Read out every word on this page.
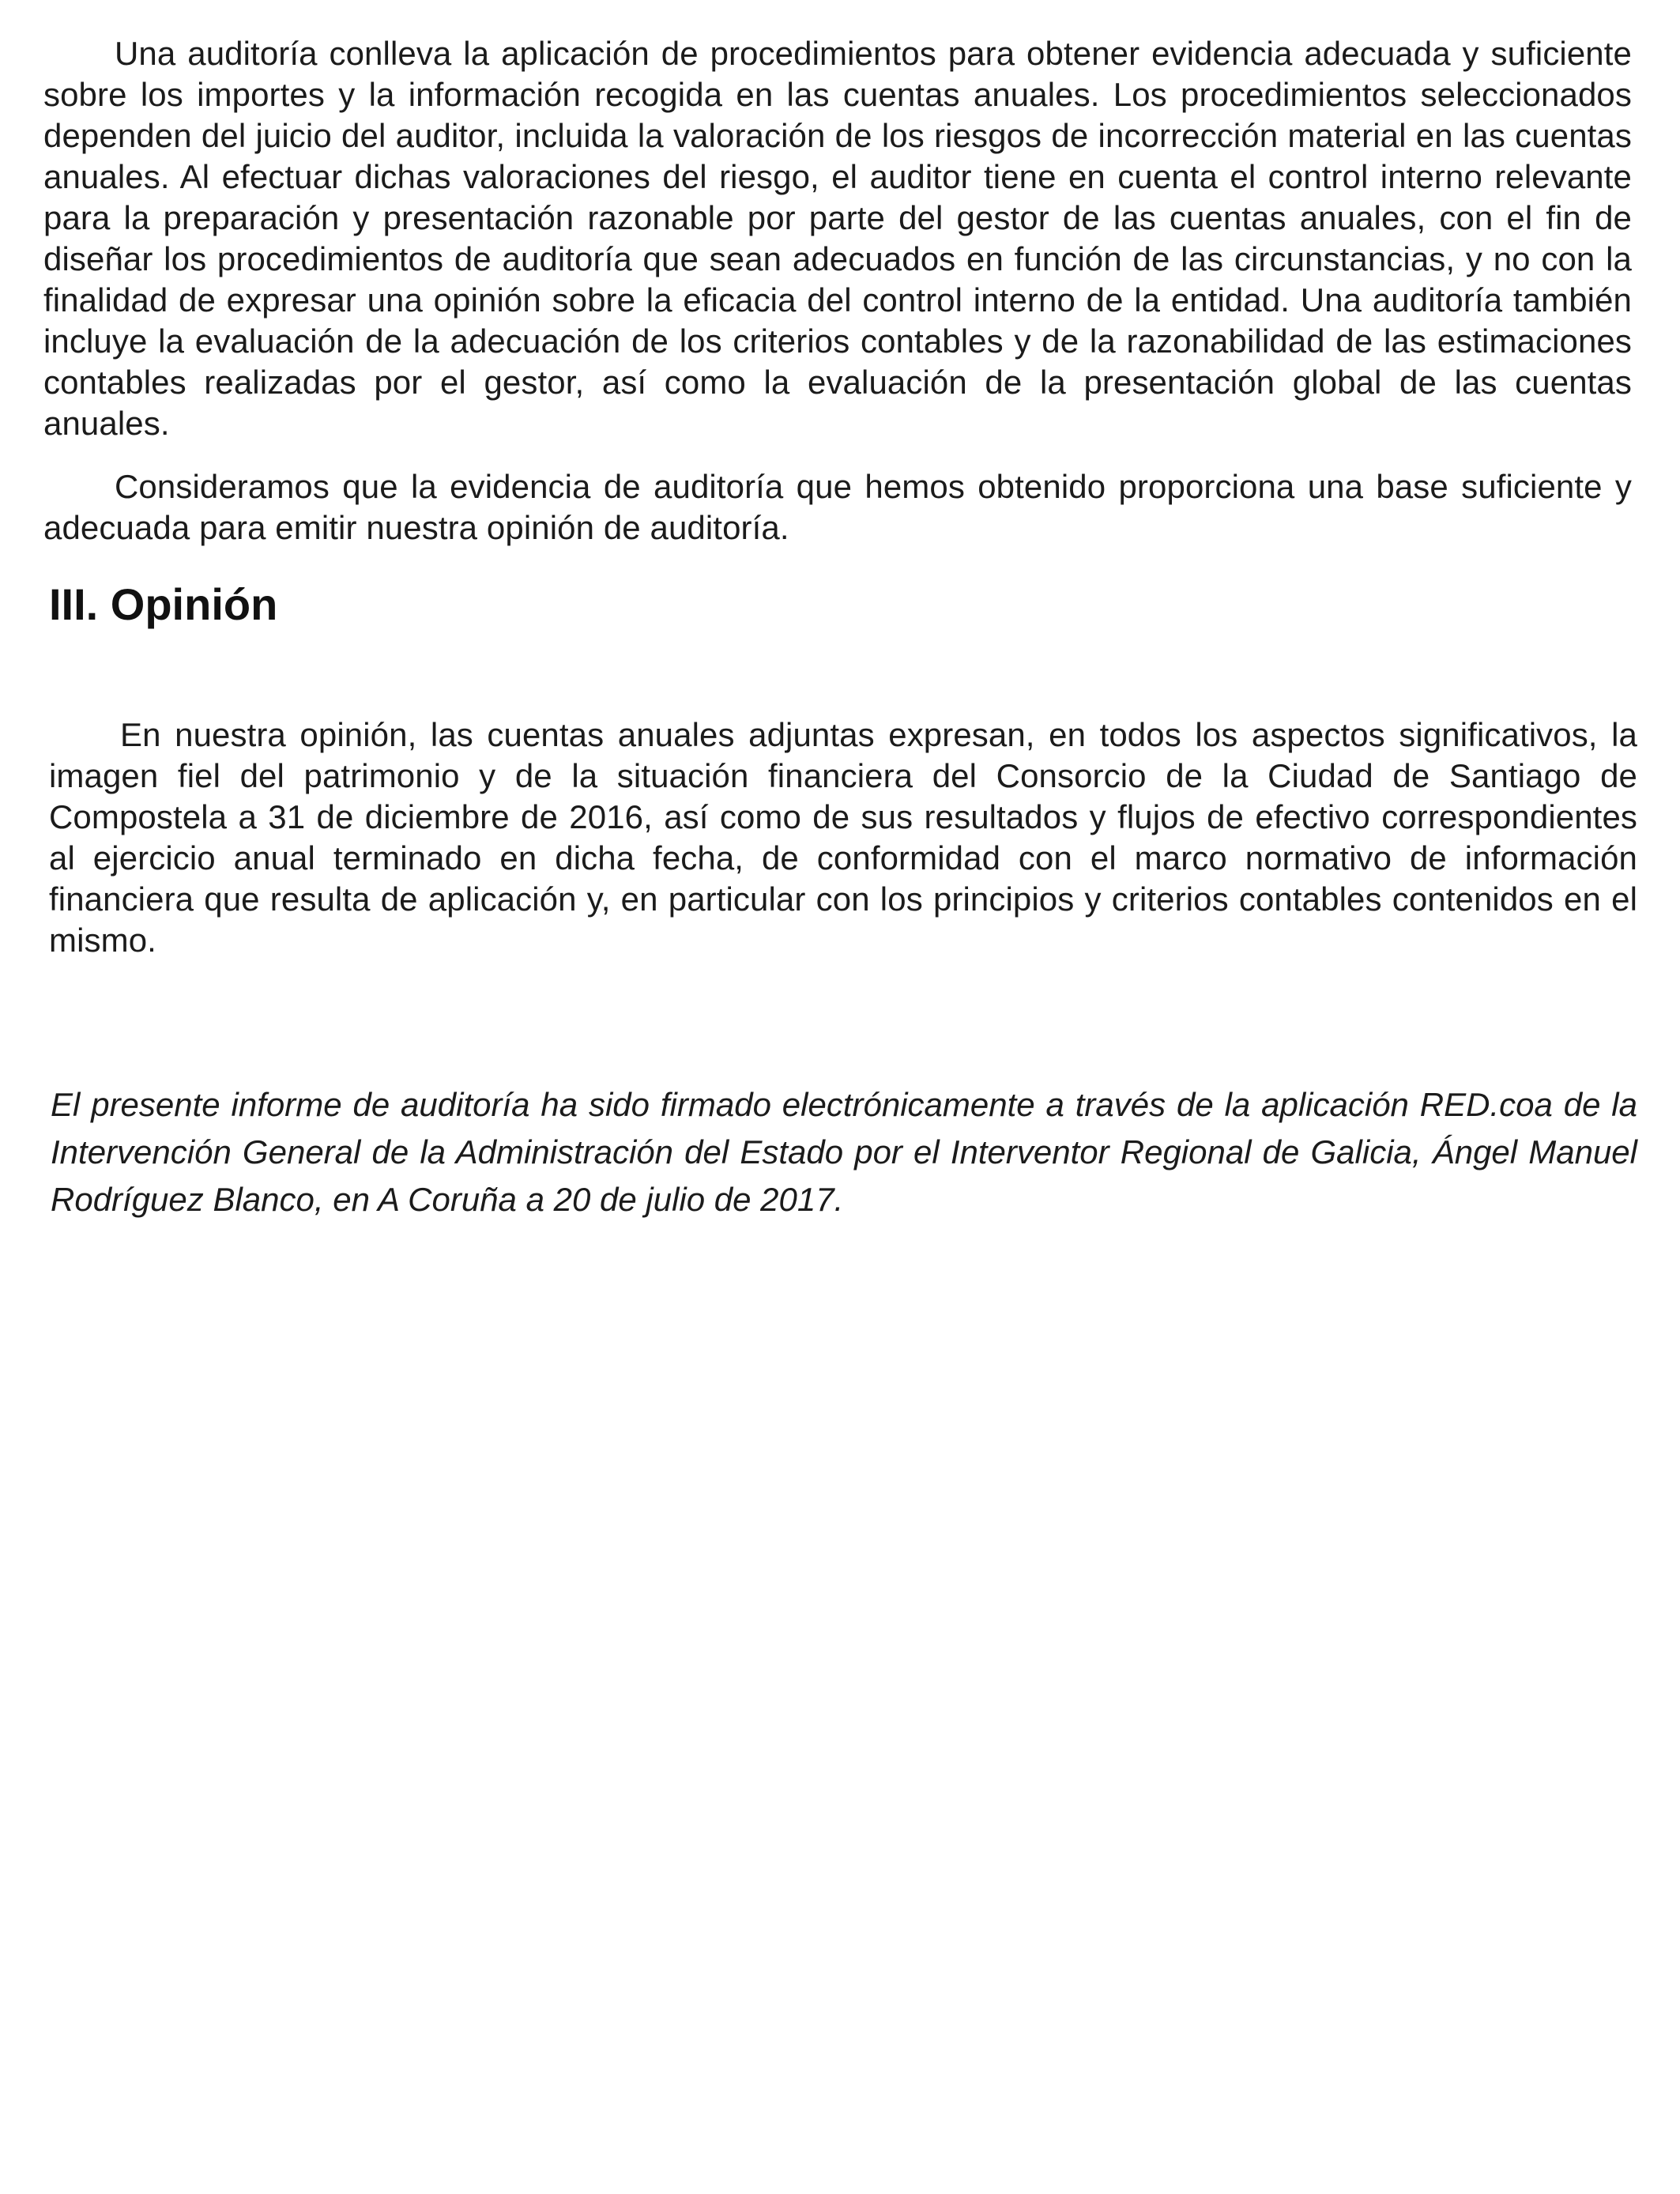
Una auditoría conlleva la aplicación de procedimientos para obtener evidencia adecuada y suficiente sobre los importes y la información recogida en las cuentas anuales. Los procedimientos seleccionados dependen del juicio del auditor, incluida la valoración de los riesgos de incorrección material en las cuentas anuales. Al efectuar dichas valoraciones del riesgo, el auditor tiene en cuenta el control interno relevante para la preparación y presentación razonable por parte del gestor de las cuentas anuales, con el fin de diseñar los procedimientos de auditoría que sean adecuados en función de las circunstancias, y no con la finalidad de expresar una opinión sobre la eficacia del control interno de la entidad. Una auditoría también incluye la evaluación de la adecuación de los criterios contables y de la razonabilidad de las estimaciones contables realizadas por el gestor, así como la evaluación de la presentación global de las cuentas anuales.

Consideramos que la evidencia de auditoría que hemos obtenido proporciona una base suficiente y adecuada para emitir nuestra opinión de auditoría.

III. Opinión

En nuestra opinión, las cuentas anuales adjuntas expresan, en todos los aspectos significativos, la imagen fiel del patrimonio y de la situación financiera del Consorcio de la Ciudad de Santiago de Compostela a 31 de diciembre de 2016, así como de sus resultados y flujos de efectivo correspondientes al ejercicio anual terminado en dicha fecha, de conformidad con el marco normativo de información financiera que resulta de aplicación y, en particular con los principios y criterios contables contenidos en el mismo.

El presente informe de auditoría ha sido firmado electrónicamente a través de la aplicación RED.coa de la Intervención General de la Administración del Estado por el Interventor Regional de Galicia, Ángel Manuel Rodríguez Blanco, en A Coruña a 20 de julio de 2017.
